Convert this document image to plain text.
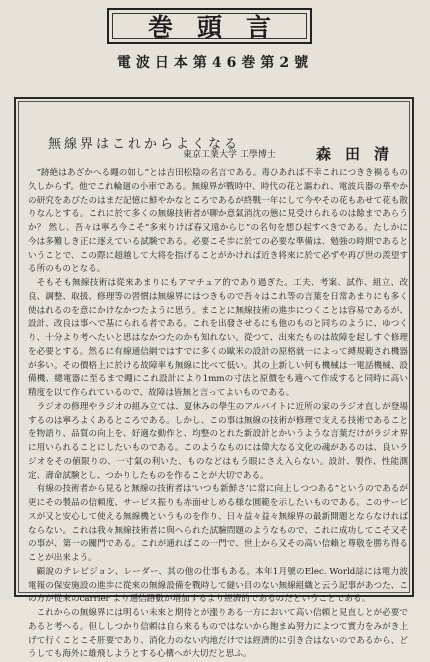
巻頭言
電波日本第46巻第2號
無線界はこれからよくなる
東京工業大学 工學博士	森田清

“跡絶はあざかへる繩の如し”とは吉田松陰の名言である。毒ひあれば不幸これにつきき禍るもの久しからず。他でこれ輪廻の小車である。無線界が戰時中、時代の花と謳われ、電波兵器の華やかの研究をあびたのはまだ記憶に鮮やかなところであるが終戰一年にして今やその花もあせて花も散りなんとする。これに於て多くの無線技術者が聊か意氣消沈の態に見受けられるのは餘まであらうか？ 然し、吾々は寧ろ今こそ“多來りけば春又遠からじ”の名句を想ひ起すべきである。たしかに今は多難しき正に逐えている試験である。必要こそ歩に於ての必要な準備は、勉強の時期であるということで、この際に超越して大将を指げることがかければ近き将來に於て必ずや再び世の羨望する所のものとなる。

そもそも無線技術は從來あまりにもアマチュア的であり過ぎた。工夫、考案、試作、組立、改良、調整、取扱、修理等の習慣は無線界にはつきもので吾々はこれ等の言葉を日常あまりにも多く使はれるのを意にかけなかつたように思う。まことに無線技術の進歩につくことは容易であるが、設計、改良は事へで基にられる者である。これを出發させるにも他のものと同ちのように、ゆつくり、十分より考へたいと思はなかつたのかも知れない。從つて、出來たものは故障を起しすぐ修理を必要とする。然るに有線通信網ではすでに多くの歐米の設計の原格就一によって縛規範され機器が多い。その價格上に於ける故障率も無線に比べて低い。其の上新しい何も機械は一電話機械、設備機、總電器に至るまで繩にこれ設計により1mmの寸法と原價をも適へて作成すると同時に高い精度を以て作られているので、故障は皆無と言ってよいものである。

ラジオの修理やラジオの組み立ては、夏休みの學生のアルバイトに近所の家のラジオ直しが登場するのは寧ろよくあるところである。しかし、この事は無線の技術が修理で支える技術であることを物語り、品質の向上を、好適な動作と、均整のとれた新設計とかいうような言葉だけがラジオ界に用いられることにしたいものである。このようなものには偉大なる文化の魂があるのは、良いラジオをその値限りの、一寸氣の利いた、ものなどはもう眼にさえ入らない。設計、製作、性能測定、壽命試験とし、つかりしたものを作ることが大切である。

有線の技術者から見ると無線の技術者は‘いつも新鮮さ’に常に向上しつつある”というのであるが更にその製品の信頼度、サービス振りも赤面せしめる様な圓範を示したいものである。このサービスが又と安心して使える無線機というものを作り、日々益々益々無線界の最新開題とならなければならない。これは我々無線技術者に與へられた試驗問題のようなもので、これに成功してこそ又その事が、第一の關門である。これが通ればこの一門で、世上から又その高い信賴と尊敬を勝ち得ることが出来よう。

顧說のテレビジョン、レーダー、其の他の仕事もある。本年1月號のElec. World誌には電力波電報の保安施設の進歩に從來の無線設備を戰時して縫い目のない無線組織と云う記事があつた、この方が從來のcarrier より通信路數が増加するより經濟的であるのだということである。

これからの無線界には明るい未來と期待とが漲りある一方において高い信頼と見直しとが必要であると考へる。但ししつかり信頼は自ら來るものではないから飽まぬ努力によつて實力をみがき上げて行くことこそ肝要であり、消化力のない内地だけでは經濟的に引き合はないのであるから、どうしても海外に雄飛しようとする心構へが大切だと思ふ。
